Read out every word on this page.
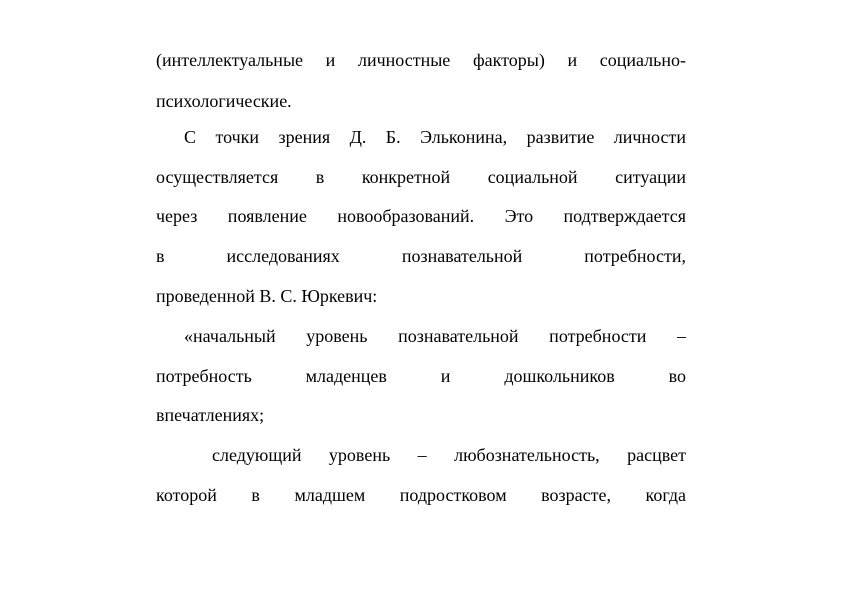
(интеллектуальные и личностные факторы) и социально-
психологические.
С точки зрения Д. Б. Эльконина, развитие личности
осуществляется в конкретной социальной ситуации
через появление новообразований. Это подтверждается
в исследованиях познавательной потребности,
проведенной В. С. Юркевич:
«начальный уровень познавательной потребности –
потребность младенцев и дошкольников во
впечатлениях;
следующий уровень – любознательность, расцвет
которой в младшем подростковом возрасте, когда
